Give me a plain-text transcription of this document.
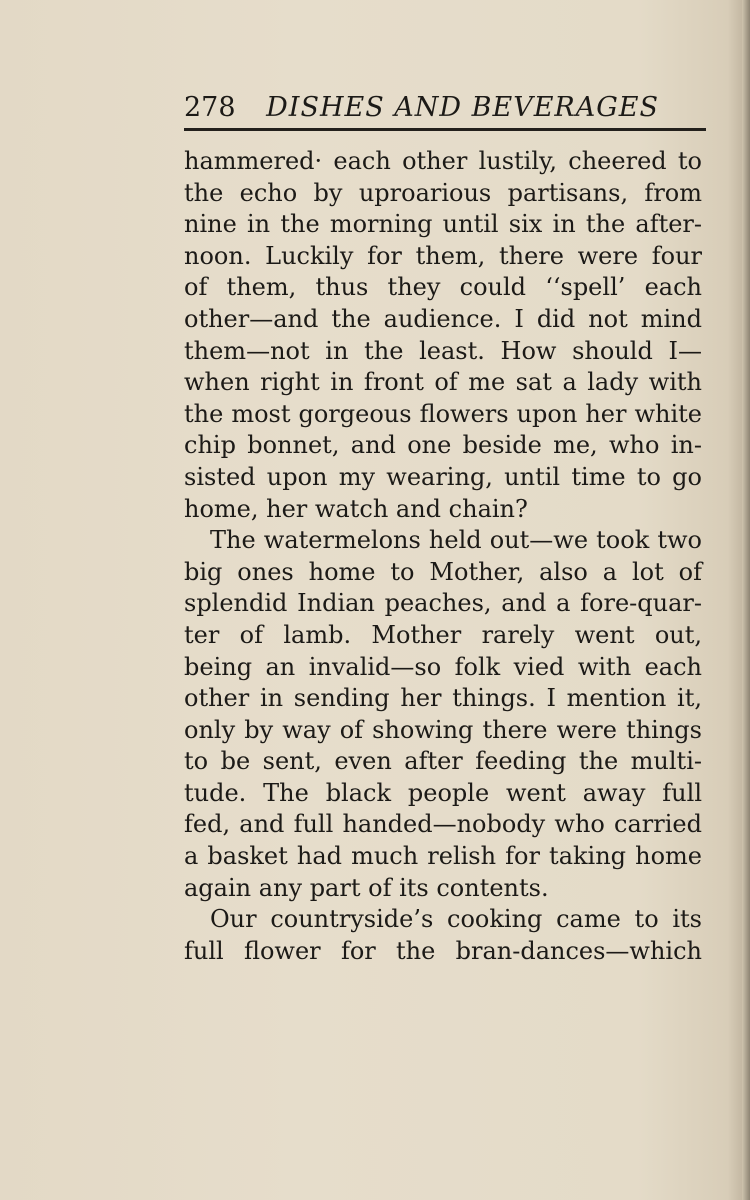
278 DISHES AND BEVERAGES
hammered· each other lustily, cheered to
the echo by uproarious partisans, from
nine in the morning until six in the after-
noon. Luckily for them, there were four
of them, thus they could ‘‘spell’ each
other—and the audience. I did not mind
them—not in the least. How should I—
when right in front of me sat a lady with
the most gorgeous flowers upon her white
chip bonnet, and one beside me, who in-
sisted upon my wearing, until time to go
home, her watch and chain?
The watermelons held out—we took two
big ones home to Mother, also a lot of
splendid Indian peaches, and a fore-quar-
ter of lamb. Mother rarely went out,
being an invalid—so folk vied with each
other in sending her things. I mention it,
only by way of showing there were things
to be sent, even after feeding the multi-
tude. The black people went away full
fed, and full handed—nobody who carried
a basket had much relish for taking home
again any part of its contents.
Our countryside’s cooking came to its
full flower for the bran-dances—which
